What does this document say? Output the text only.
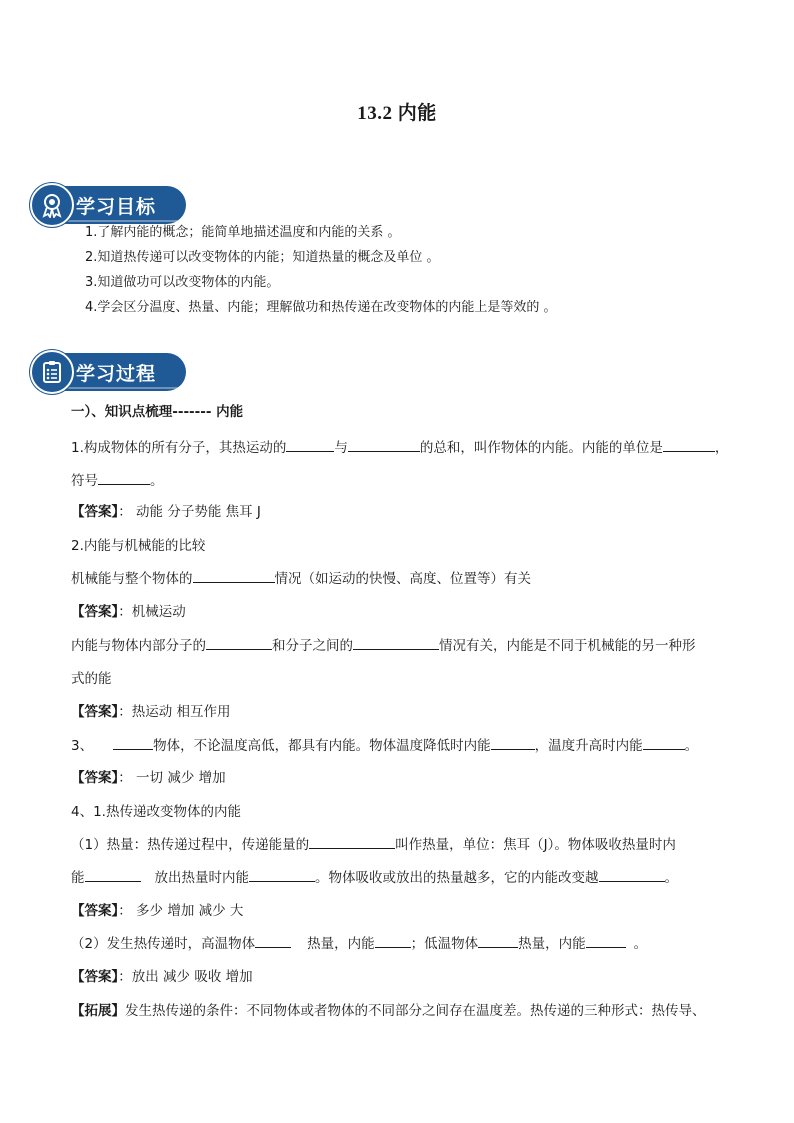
13.2 内能
学习目标

1.了解内能的概念；能简单地描述温度和内能的关系 。

2.知道热传递可以改变物体的内能；知道热量的概念及单位 。

3.知道做功可以改变物体的内能。

4.学会区分温度、热量、内能；理解做功和热传递在改变物体的内能上是等效的 。

学习过程
一）、知识点梳理------- 内能
1.构成物体的所有分子，其热运动的	与	的总和，叫作物体的内能。内能的单位是	，
符号	。
【答案】： 动能 分子势能 焦耳 J
2.内能与机械能的比较
机械能与整个物体的	情况（如运动的快慢、高度、位置等）有关
【答案】：机械运动
内能与物体内部分子的	和分子之间的	情况有关，内能是不同于机械能的另一种形
式的能
【答案】：热运动 相互作用
3、	物体，不论温度高低，都具有内能。物体温度降低时内能	，温度升高时内能	。
【答案】： 一切 减少 增加
4、1.热传递改变物体的内能
（1）热量：热传递过程中，传递能量的	叫作热量，单位：焦耳（J）。物体吸收热量时内
能	放出热量时内能	。物体吸收或放出的热量越多，它的内能改变越	。
【答案】： 多少 增加 减少 大
（2）发生热传递时，高温物体	热量，内能	；低温物体	热量，内能	。
【答案】：放出 减少 吸收 增加
【拓展】发生热传递的条件：不同物体或者物体的不同部分之间存在温度差。热传递的三种形式：热传导、
